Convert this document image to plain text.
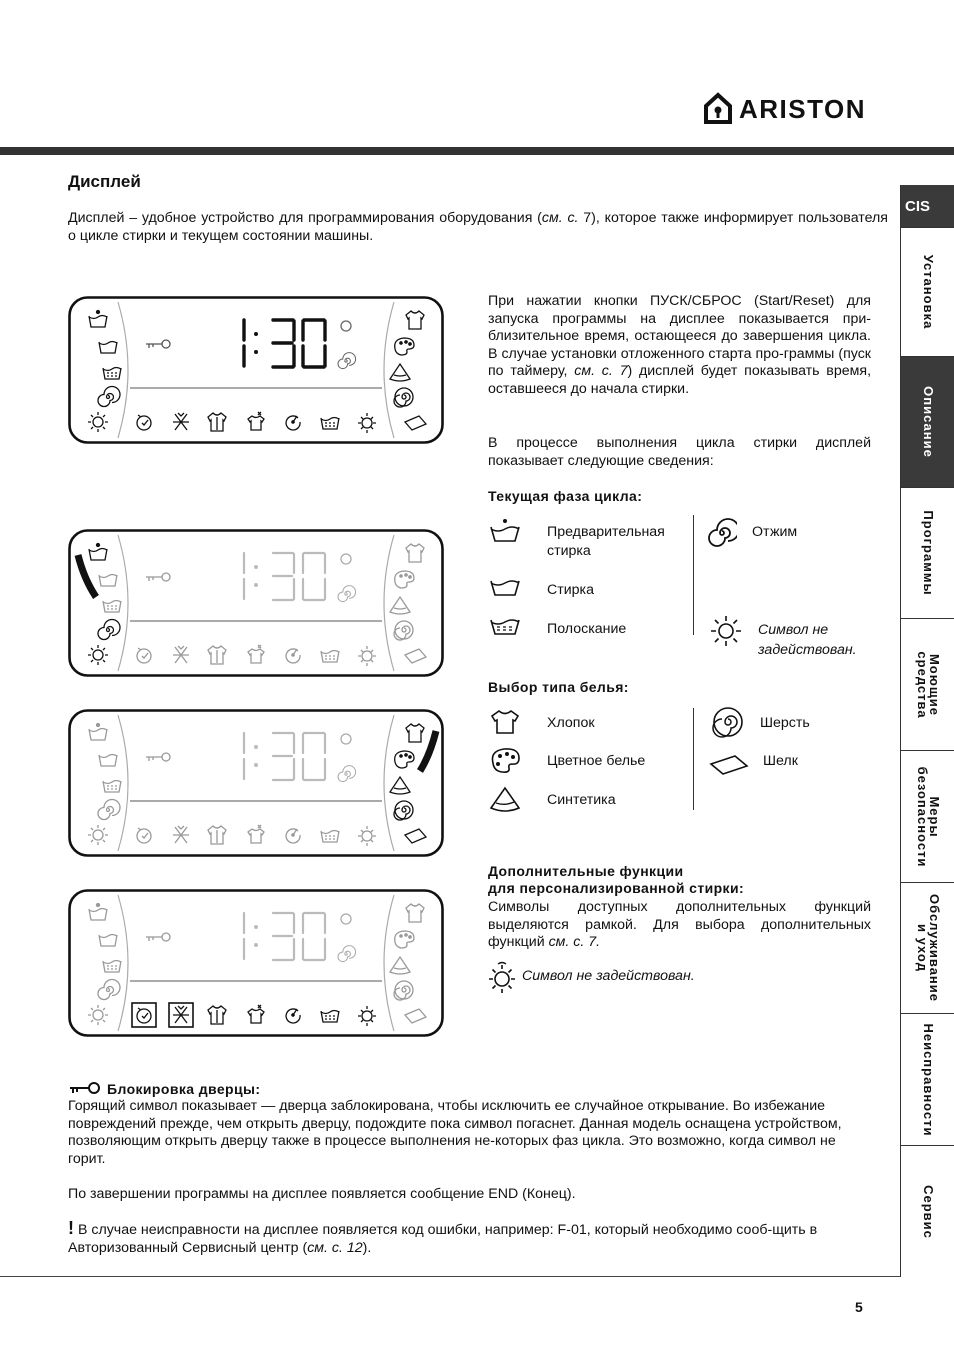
ARISTON
Дисплей
Дисплей – удобное устройство для программирования оборудования (см. с. 7), которое также информирует пользователя о цикле стирки и текущем состоянии машины.
При нажатии кнопки ПУСК/СБРОС (Start/Reset) для запуска программы на дисплее показывается при-близительное время, остающееся до завершения цикла. В случае установки отложенного старта про-граммы (пуск по таймеру, см. с. 7) дисплей будет показывать время, оставшееся до начала стирки.
В процессе выполнения цикла стирки дисплей показывает следующие сведения:
Текущая фаза цикла:
Предварительная стирка
Стирка
Полоскание
Отжим
Символ не задействован.
Выбор типа белья:
Хлопок
Цветное белье
Синтетика
Шерсть
Шелк
Дополнительные функции
для персонализированной стирки:
Символы доступных дополнительных функций выделяются рамкой. Для выбора дополнительных функций см. с. 7.
Символ не задействован.
Блокировка дверцы:
Горящий символ показывает — дверца заблокирована, чтобы исключить ее случайное открывание. Во избежание повреждений прежде, чем открыть дверцу, подождите пока символ погаснет. Данная модель оснащена устройством, позволяющим открыть дверцу также в процессе выполнения не-которых фаз цикла. Это возможно, когда символ не горит.
По завершении программы на дисплее появляется сообщение END (Конец).
! В случае неисправности на дисплее появляется код ошибки, например: F-01, который необходимо сооб-щить в Авторизованный Сервисный центр (см. с. 12).
5
CIS
Установка
Описание
Программы
Моющие средства
Меры безопасности
Обслуживание и уход
Неисправности
Сервис
